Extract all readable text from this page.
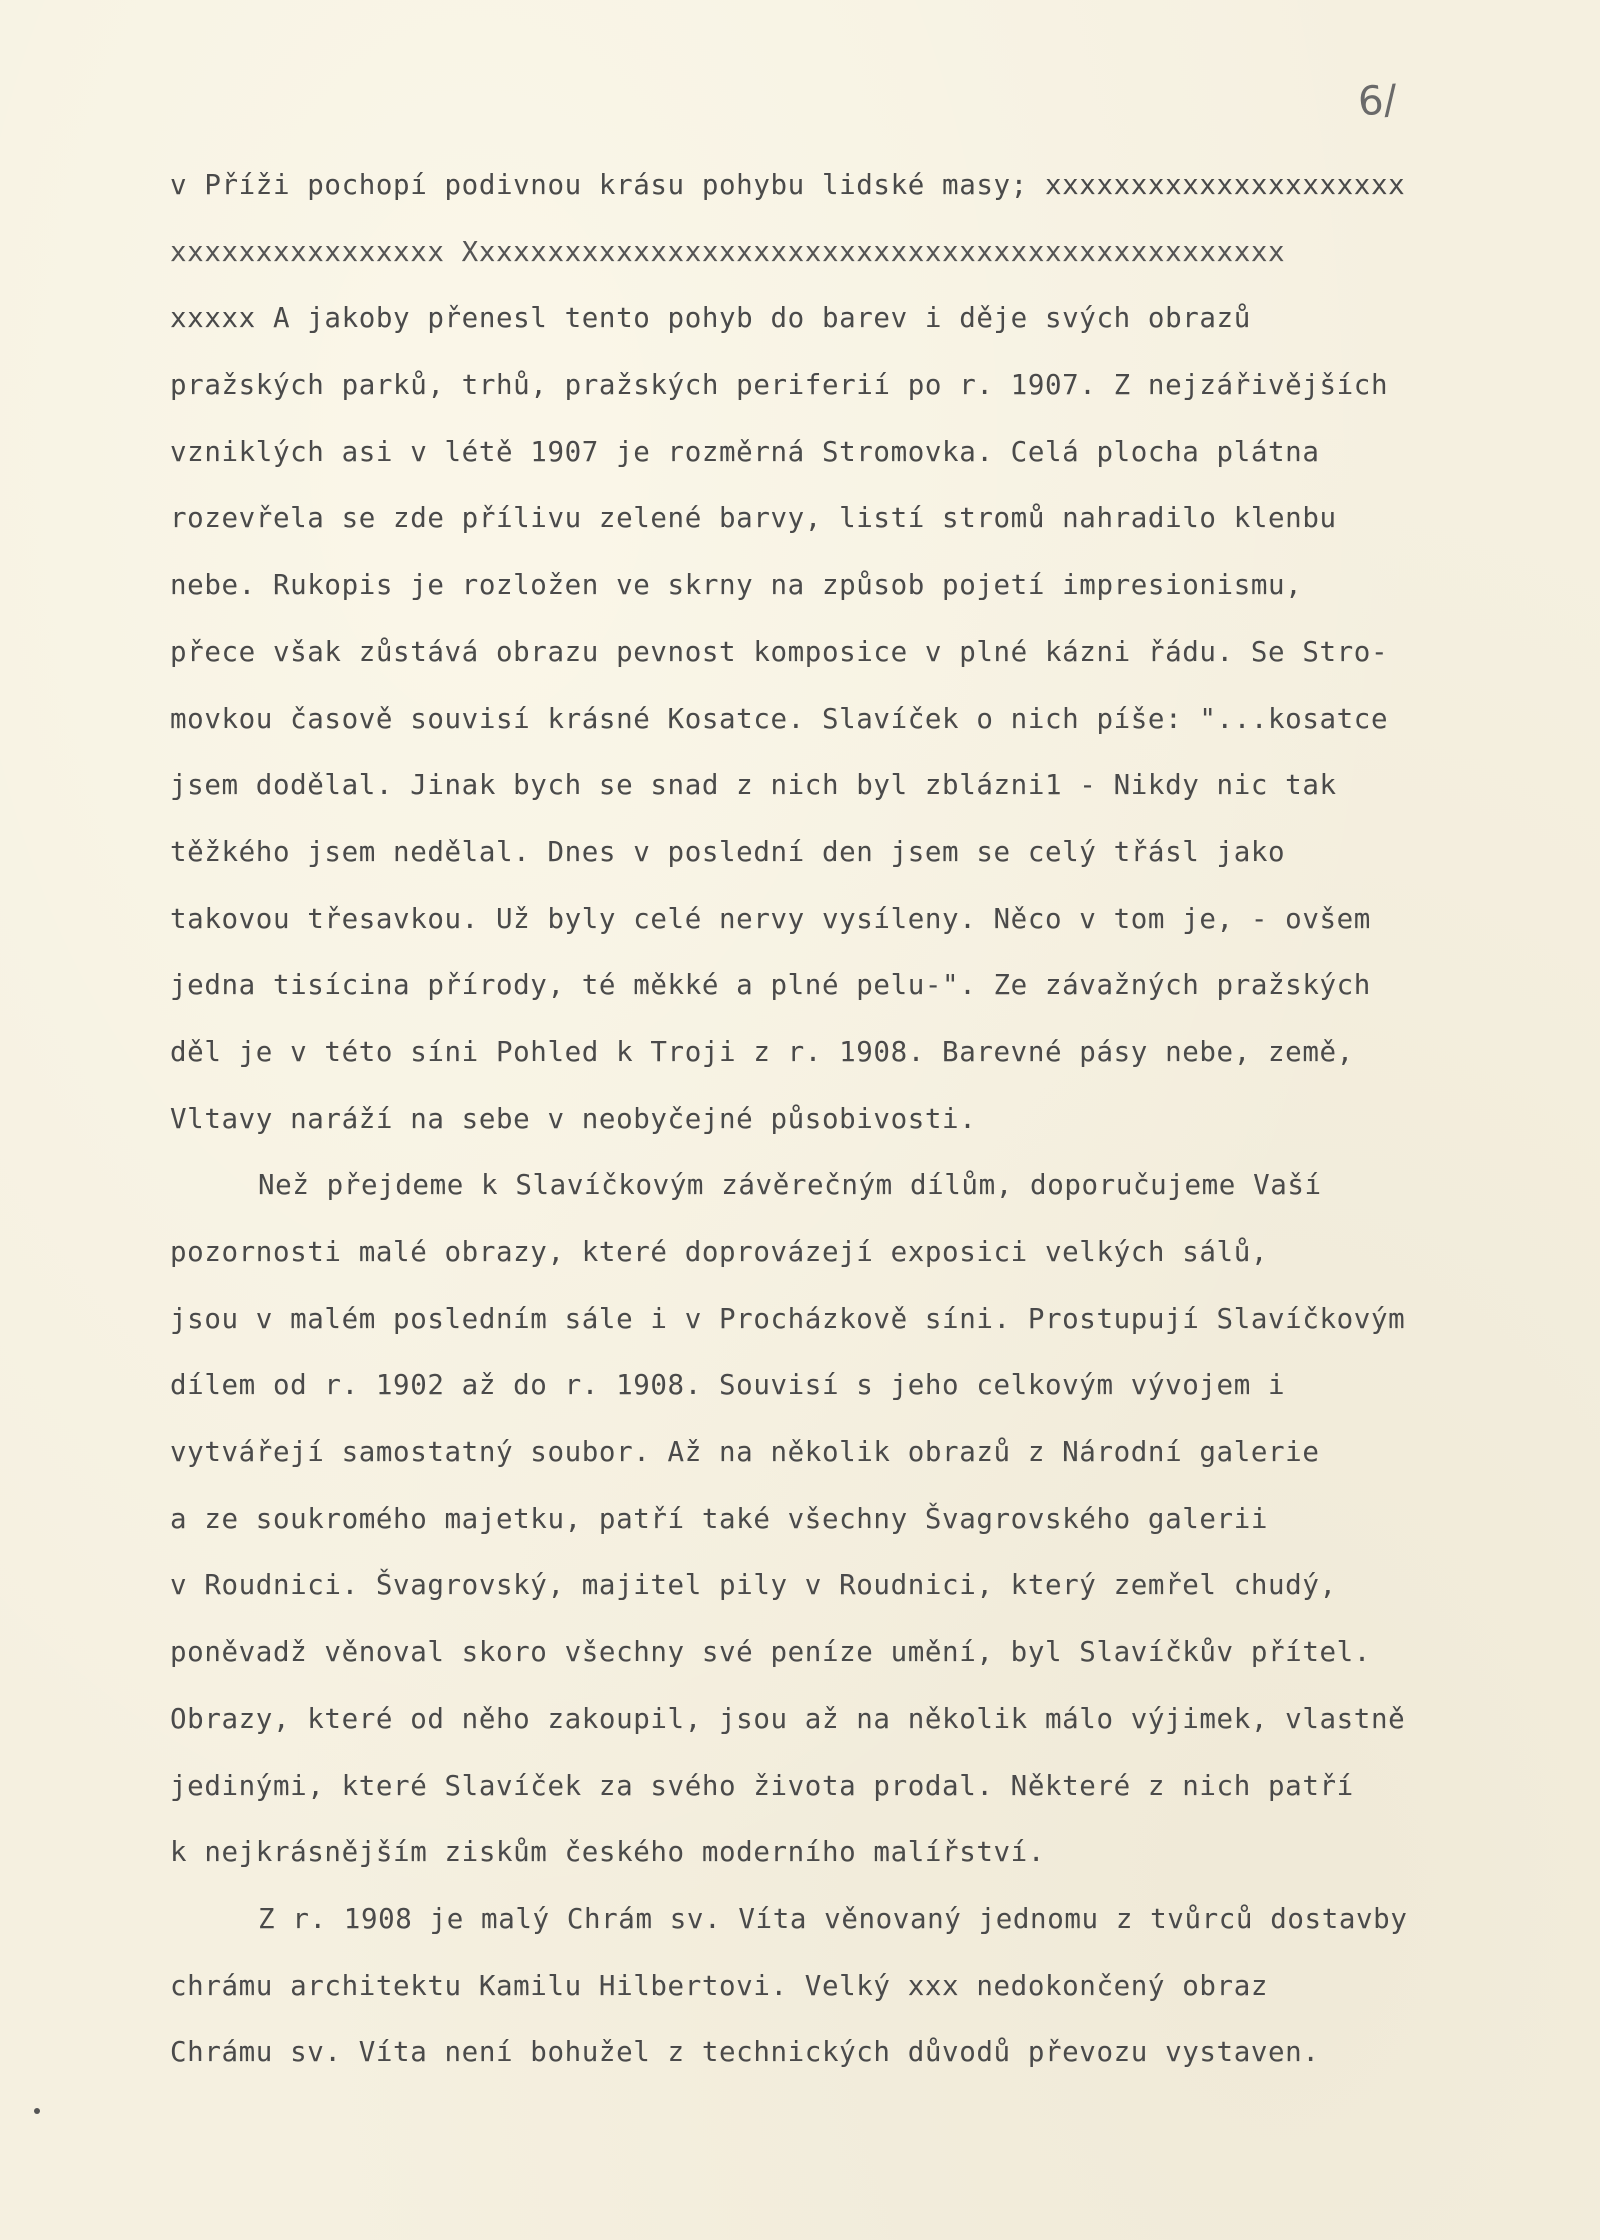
6/
v Příži pochopí podivnou krásu pohybu lidské masy; xxxxxxxxxxxxxxxxxxxxx
xxxxxxxxxxxxxxxx Xxxxxxxxxxxxxxxxxxxxxxxxxxxxxxxxxxxxxxxxxxxxxxxx
xxxxx A jakoby přenesl tento pohyb do barev i děje svých obrazů
pražských parků, trhů, pražských periferií po r. 1907. Z nejzářivějších
vzniklých asi v létě 1907 je rozměrná Stromovka. Celá plocha plátna
rozevřela se zde přílivu zelené barvy, listí stromů nahradilo klenbu
nebe. Rukopis je rozložen ve skrny na způsob pojetí impresionismu,
přece však zůstává obrazu pevnost komposice v plné kázni řádu. Se Stro-
movkou časově souvisí krásné Kosatce. Slavíček o nich píše: "...kosatce
jsem dodělal. Jinak bych se snad z nich byl zblázni1 - Nikdy nic tak
těžkého jsem nedělal. Dnes v poslední den jsem se celý třásl jako
takovou třesavkou. Už byly celé nervy vysíleny. Něco v tom je, - ovšem
jedna tisícina přírody, té měkké a plné pelu-". Ze závažných pražských
děl je v této síni Pohled k Troji z r. 1908. Barevné pásy nebe, země,
Vltavy naráží na sebe v neobyčejné působivosti.
Než přejdeme k Slavíčkovým závěrečným dílům, doporučujeme Vaší
pozornosti malé obrazy, které doprovázejí exposici velkých sálů,
jsou v malém posledním sále i v Procházkově síni. Prostupují Slavíčkovým
dílem od r. 1902 až do r. 1908. Souvisí s jeho celkovým vývojem i
vytvářejí samostatný soubor. Až na několik obrazů z Národní galerie
a ze soukromého majetku, patří také všechny Švagrovského galerii
v Roudnici. Švagrovský, majitel pily v Roudnici, který zemřel chudý,
poněvadž věnoval skoro všechny své peníze umění, byl Slavíčkův přítel.
Obrazy, které od něho zakoupil, jsou až na několik málo výjimek, vlastně
jedinými, které Slavíček za svého života prodal. Některé z nich patří
k nejkrásnějším ziskům českého moderního malířství.
Z r. 1908 je malý Chrám sv. Víta věnovaný jednomu z tvůrců dostavby
chrámu architektu Kamilu Hilbertovi. Velký xxx nedokončený obraz
Chrámu sv. Víta není bohužel z technických důvodů převozu vystaven.
